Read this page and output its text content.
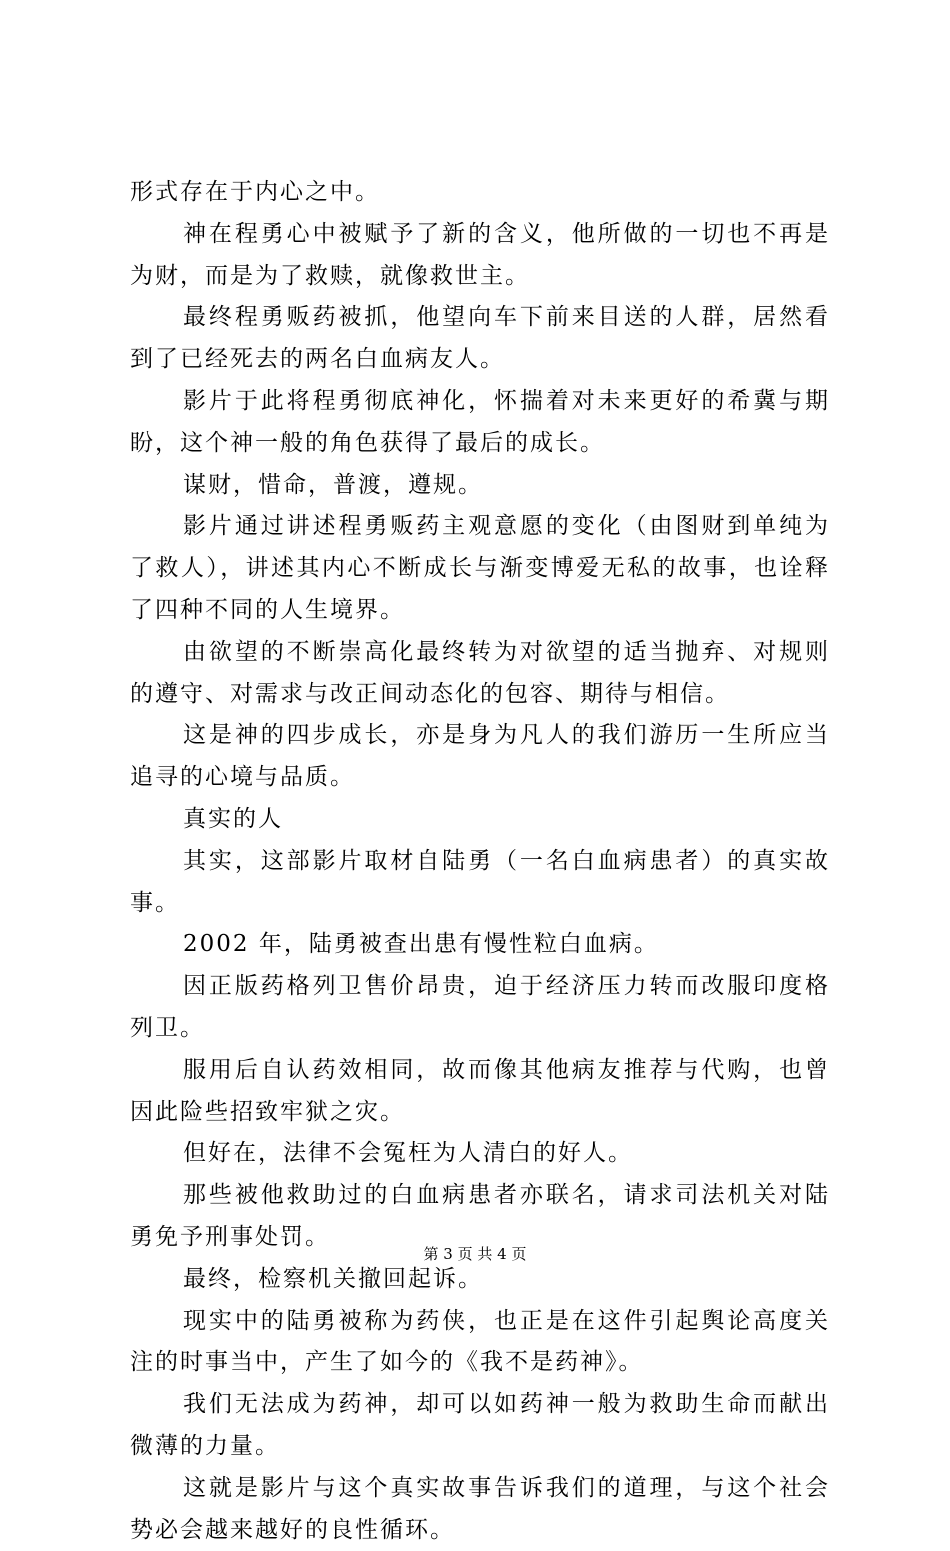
形式存在于内心之中。

神在程勇心中被赋予了新的含义，他所做的一切也不再是为财，而是为了救赎，就像救世主。

最终程勇贩药被抓，他望向车下前来目送的人群，居然看到了已经死去的两名白血病友人。

影片于此将程勇彻底神化，怀揣着对未来更好的希冀与期盼，这个神一般的角色获得了最后的成长。

谋财，惜命，普渡，遵规。

影片通过讲述程勇贩药主观意愿的变化（由图财到单纯为了救人），讲述其内心不断成长与渐变博爱无私的故事，也诠释了四种不同的人生境界。

由欲望的不断崇高化最终转为对欲望的适当抛弃、对规则的遵守、对需求与改正间动态化的包容、期待与相信。

这是神的四步成长，亦是身为凡人的我们游历一生所应当追寻的心境与品质。

真实的人

其实，这部影片取材自陆勇（一名白血病患者）的真实故事。

2002 年，陆勇被查出患有慢性粒白血病。

因正版药格列卫售价昂贵，迫于经济压力转而改服印度格列卫。

服用后自认药效相同，故而像其他病友推荐与代购，也曾因此险些招致牢狱之灾。

但好在，法律不会冤枉为人清白的好人。

那些被他救助过的白血病患者亦联名，请求司法机关对陆勇免予刑事处罚。

最终，检察机关撤回起诉。

现实中的陆勇被称为药侠，也正是在这件引起舆论高度关注的时事当中，产生了如今的《我不是药神》。

我们无法成为药神，却可以如药神一般为救助生命而献出微薄的力量。

这就是影片与这个真实故事告诉我们的道理，与这个社会势必会越来越好的良性循环。

第 3 页 共 4 页
